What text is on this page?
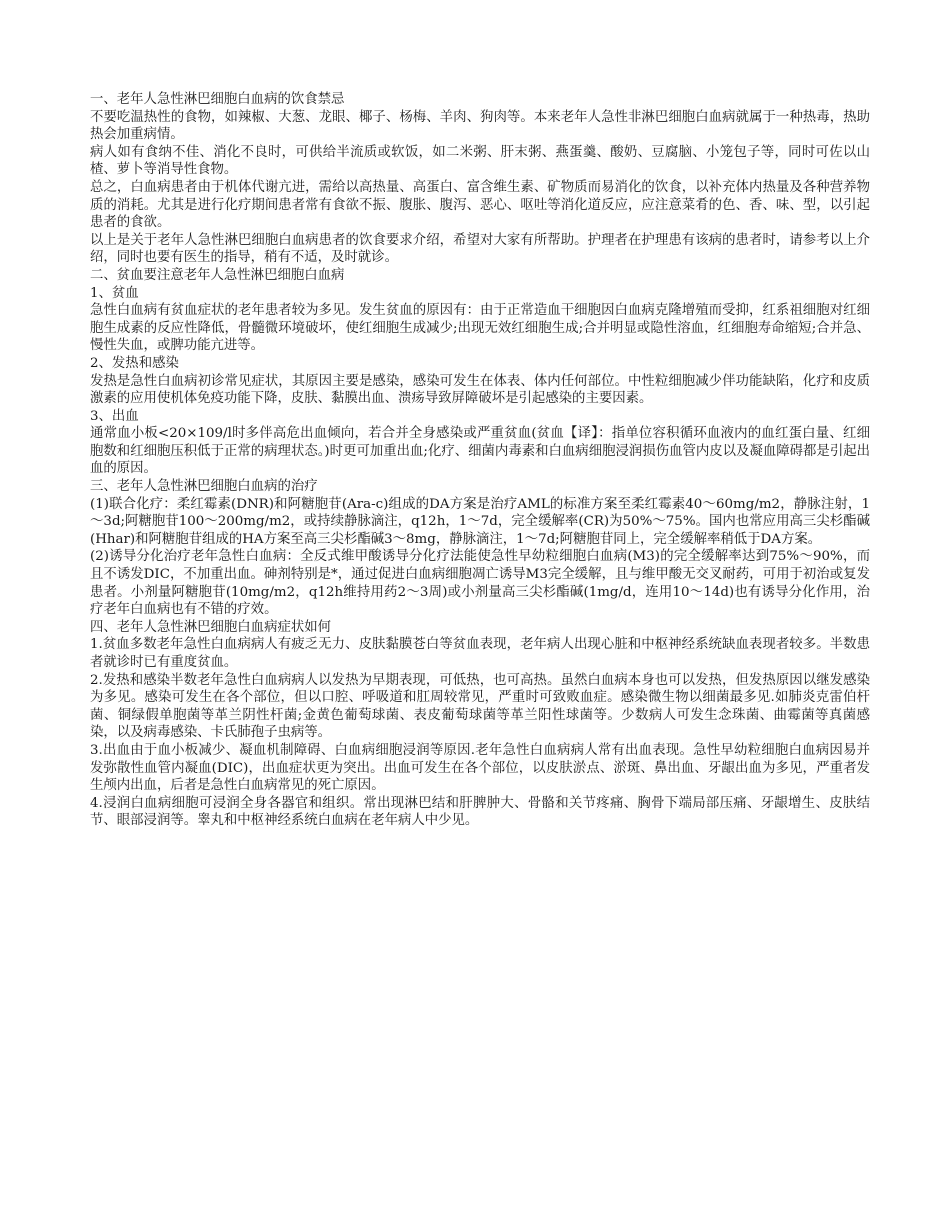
一、老年人急性淋巴细胞白血病的饮食禁忌

不要吃温热性的食物，如辣椒、大葱、龙眼、椰子、杨梅、羊肉、狗肉等。本来老年人急性非淋巴细胞白血病就属于一种热毒，热助热会加重病情。

病人如有食纳不佳、消化不良时，可供给半流质或软饭，如二米粥、肝末粥、燕蛋羹、酸奶、豆腐脑、小笼包子等，同时可佐以山楂、萝卜等消导性食物。

总之，白血病患者由于机体代谢亢进，需给以高热量、高蛋白、富含维生素、矿物质而易消化的饮食，以补充体内热量及各种营养物质的消耗。尤其是进行化疗期间患者常有食欲不振、腹胀、腹泻、恶心、呕吐等消化道反应，应注意菜肴的色、香、味、型，以引起患者的食欲。

以上是关于老年人急性淋巴细胞白血病患者的饮食要求介绍，希望对大家有所帮助。护理者在护理患有该病的患者时，请参考以上介绍，同时也要有医生的指导，稍有不适，及时就诊。

二、贫血要注意老年人急性淋巴细胞白血病

1、贫血

急性白血病有贫血症状的老年患者较为多见。发生贫血的原因有：由于正常造血干细胞因白血病克隆增殖而受抑，红系祖细胞对红细胞生成素的反应性降低，骨髓微环境破坏，使红细胞生成减少;出现无效红细胞生成;合并明显或隐性溶血，红细胞寿命缩短;合并急、慢性失血，或脾功能亢进等。

2、发热和感染

发热是急性白血病初诊常见症状，其原因主要是感染，感染可发生在体表、体内任何部位。中性粒细胞减少伴功能缺陷，化疗和皮质激素的应用使机体免疫功能下降，皮肤、黏膜出血、溃疡导致屏障破坏是引起感染的主要因素。

3、出血

通常血小板<20×109/l时多伴高危出血倾向，若合并全身感染或严重贫血(贫血【译】：指单位容积循环血液内的血红蛋白量、红细胞数和红细胞压积低于正常的病理状态。)时更可加重出血;化疗、细菌内毒素和白血病细胞浸润损伤血管内皮以及凝血障碍都是引起出血的原因。

三、老年人急性淋巴细胞白血病的治疗

(1)联合化疗：柔红霉素(DNR)和阿糖胞苷(Ara-c)组成的DA方案是治疗AML的标准方案至柔红霉素40～60mg/m2，静脉注射，1～3d;阿糖胞苷100～200mg/m2，或持续静脉滴注，q12h，1～7d，完全缓解率(CR)为50%～75%。国内也常应用高三尖杉酯碱(Hhar)和阿糖胞苷组成的HA方案至高三尖杉酯碱3～8mg，静脉滴注，1～7d;阿糖胞苷同上，完全缓解率稍低于DA方案。

(2)诱导分化治疗老年急性白血病：全反式维甲酸诱导分化疗法能使急性早幼粒细胞白血病(M3)的完全缓解率达到75%～90%，而且不诱发DIC，不加重出血。砷剂特别是*，通过促进白血病细胞凋亡诱导M3完全缓解，且与维甲酸无交叉耐药，可用于初治或复发患者。小剂量阿糖胞苷(10mg/m2，q12h维持用药2～3周)或小剂量高三尖杉酯碱(1mg/d，连用10～14d)也有诱导分化作用，治疗老年白血病也有不错的疗效。

四、老年人急性淋巴细胞白血病症状如何

1.贫血多数老年急性白血病病人有疲乏无力、皮肤黏膜苍白等贫血表现，老年病人出现心脏和中枢神经系统缺血表现者较多。半数患者就诊时已有重度贫血。

2.发热和感染半数老年急性白血病病人以发热为早期表现，可低热，也可高热。虽然白血病本身也可以发热，但发热原因以继发感染为多见。感染可发生在各个部位，但以口腔、呼吸道和肛周较常见，严重时可致败血症。感染微生物以细菌最多见.如肺炎克雷伯杆菌、铜绿假单胞菌等革兰阴性杆菌;金黄色葡萄球菌、表皮葡萄球菌等革兰阳性球菌等。少数病人可发生念珠菌、曲霉菌等真菌感染，以及病毒感染、卡氏肺孢子虫病等。

3.出血由于血小板减少、凝血机制障碍、白血病细胞浸润等原因.老年急性白血病病人常有出血表现。急性早幼粒细胞白血病因易并发弥散性血管内凝血(DIC)，出血症状更为突出。出血可发生在各个部位，以皮肤淤点、淤斑、鼻出血、牙龈出血为多见，严重者发生颅内出血，后者是急性白血病常见的死亡原因。

4.浸润白血病细胞可浸润全身各器官和组织。常出现淋巴结和肝脾肿大、骨骼和关节疼痛、胸骨下端局部压痛、牙龈增生、皮肤结节、眼部浸润等。睾丸和中枢神经系统白血病在老年病人中少见。
